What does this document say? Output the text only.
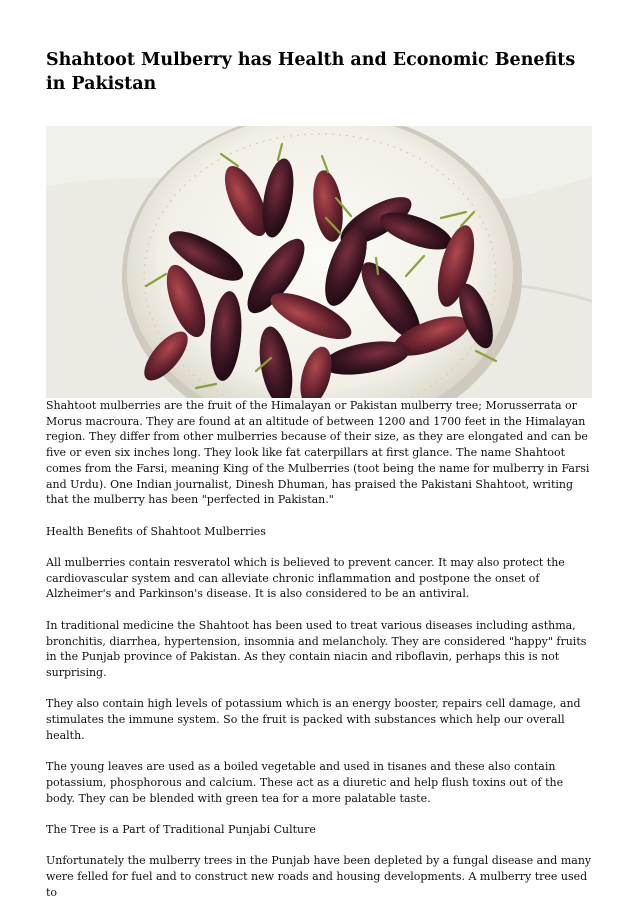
Shahtoot Mulberry has Health and Economic Benefits in Pakistan

Shahtoot mulberries are the fruit of the Himalayan or Pakistan mulberry tree; Morusserrata or Morus macroura. They are found at an altitude of between 1200 and 1700 feet in the Himalayan region. They differ from other mulberries because of their size, as they are elongated and can be five or even six inches long. They look like fat caterpillars at first glance. The name Shahtoot comes from the Farsi, meaning King of the Mulberries (toot being the name for mulberry in Farsi and Urdu). One Indian journalist, Dinesh Dhuman, has praised the Pakistani Shahtoot, writing that the mulberry has been "perfected in Pakistan."

Health Benefits of Shahtoot Mulberries

All mulberries contain resveratol which is believed to prevent cancer. It may also protect the cardiovascular system and can alleviate chronic inflammation and postpone the onset of Alzheimer's and Parkinson's disease. It is also considered to be an antiviral.

In traditional medicine the Shahtoot has been used to treat various diseases including asthma, bronchitis, diarrhea, hypertension, insomnia and melancholy. They are considered "happy" fruits in the Punjab province of Pakistan. As they contain niacin and riboflavin, perhaps this is not surprising.

They also contain high levels of potassium which is an energy booster, repairs cell damage, and stimulates the immune system. So the fruit is packed with substances which help our overall health.

The young leaves are used as a boiled vegetable and used in tisanes and these also contain potassium, phosphorous and calcium. These act as a diuretic and help flush toxins out of the body. They can be blended with green tea for a more palatable taste.

The Tree is a Part of Traditional Punjabi Culture

Unfortunately the mulberry trees in the Punjab have been depleted by a fungal disease and many were felled for fuel and to construct new roads and housing developments. A mulberry tree used to
